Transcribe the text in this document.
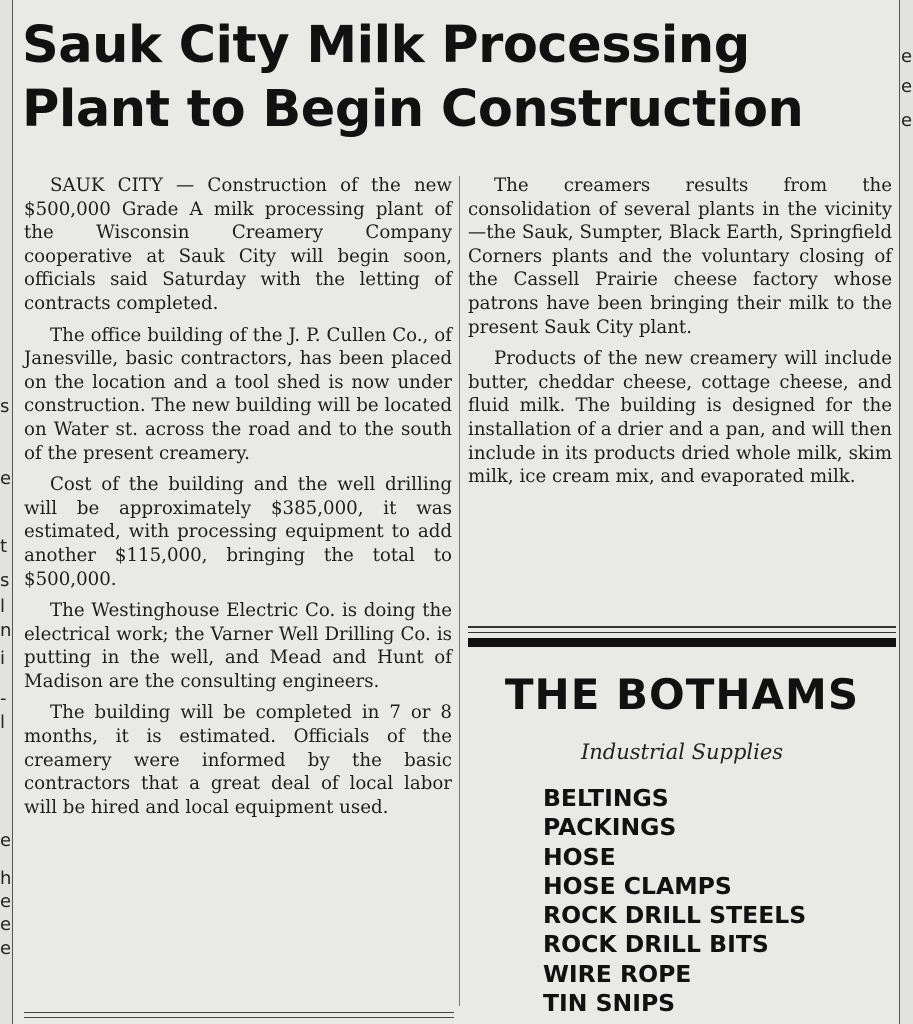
s
e
t
s
l
n
i
-
l
e
h
e
e
e
e
e
e
Sauk City Milk Processing
Plant to Begin Construction

SAUK CITY — Construction of the new $500,000 Grade A milk processing plant of the Wisconsin Creamery Company cooperative at Sauk City will begin soon, officials said Saturday with the letting of contracts completed.

The office building of the J. P. Cullen Co., of Janesville, basic contractors, has been placed on the location and a tool shed is now under construction. The new building will be located on Water st. across the road and to the south of the present creamery.

Cost of the building and the well drilling will be approximately $385,000, it was estimated, with processing equipment to add another $115,000, bringing the total to $500,000.

The Westinghouse Electric Co. is doing the electrical work; the Varner Well Drilling Co. is putting in the well, and Mead and Hunt of Madison are the consulting engineers.

The building will be completed in 7 or 8 months, it is estimated. Officials of the creamery were informed by the basic contractors that a great deal of local labor will be hired and local equipment used.

The creamers results from the consolidation of several plants in the vicinity—the Sauk, Sumpter, Black Earth, Springfield Corners plants and the voluntary closing of the Cassell Prairie cheese factory whose patrons have been bringing their milk to the present Sauk City plant.

Products of the new creamery will include butter, cheddar cheese, cottage cheese, and fluid milk. The building is designed for the installation of a drier and a pan, and will then include in its products dried whole milk, skim milk, ice cream mix, and evaporated milk.

THE BOTHAMS

Industrial Supplies

BELTINGS
PACKINGS
HOSE
HOSE CLAMPS
ROCK DRILL STEELS
ROCK DRILL BITS
WIRE ROPE
TIN SNIPS
